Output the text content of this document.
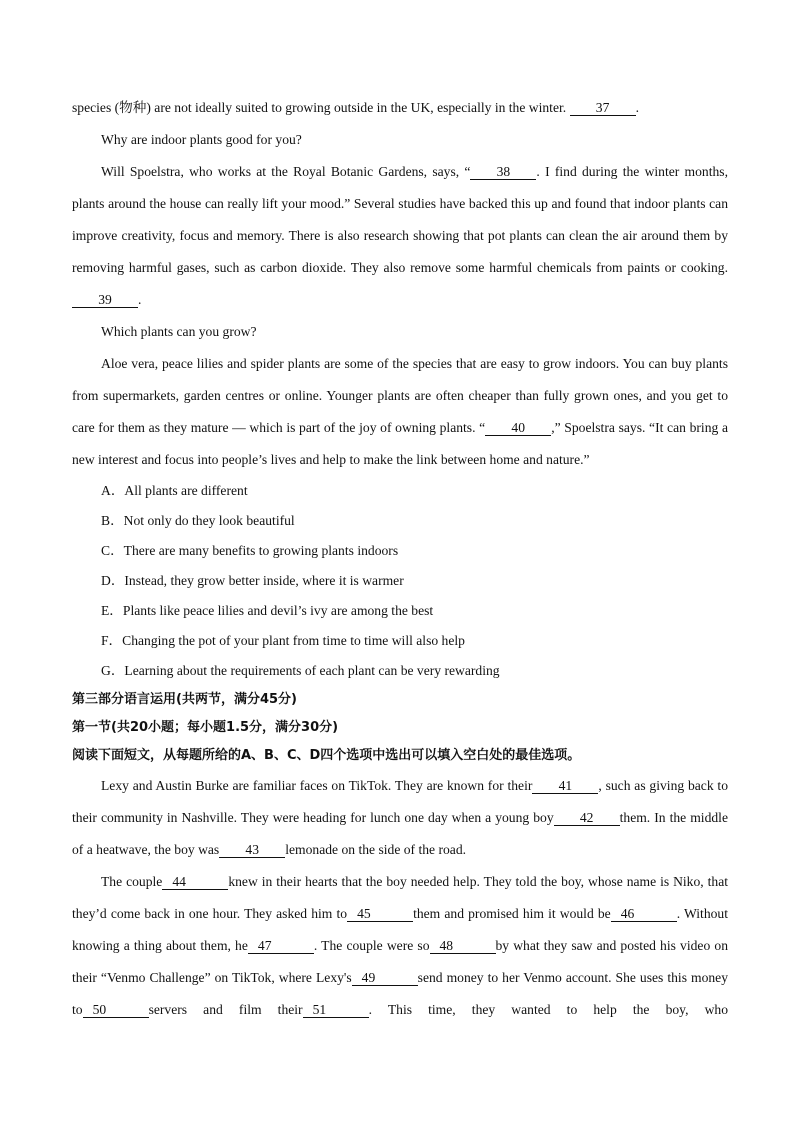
species (物种) are not ideally suited to growing outside in the UK, especially in the winter. 37 .

Why are indoor plants good for you?

Will Spoelstra, who works at the Royal Botanic Gardens, says, “ 38 . I find during the winter months, plants around the house can really lift your mood.” Several studies have backed this up and found that indoor plants can improve creativity, focus and memory. There is also research showing that pot plants can clean the air around them by removing harmful gases, such as carbon dioxide. They also remove some harmful chemicals from paints or cooking. 39 .

Which plants can you grow?

Aloe vera, peace lilies and spider plants are some of the species that are easy to grow indoors. You can buy plants from supermarkets, garden centres or online. Younger plants are often cheaper than fully grown ones, and you get to care for them as they mature — which is part of the joy of owning plants. “ 40 ,” Spoelstra says. “It can bring a new interest and focus into people’s lives and help to make the link between home and nature.”

A．All plants are different

B．Not only do they look beautiful

C．There are many benefits to growing plants indoors

D．Instead, they grow better inside, where it is warmer

E．Plants like peace lilies and devil’s ivy are among the best

F．Changing the pot of your plant from time to time will also help

G．Learning about the requirements of each plant can be very rewarding

第三部分语言运用(共两节，满分45分)

第一节(共20小题；每小题1.5分，满分30分)

阅读下面短文，从每题所给的A、B、C、D四个选项中选出可以填入空白处的最佳选项。

Lexy and Austin Burke are familiar faces on TikTok. They are known for their 41 , such as giving back to their community in Nashville. They were heading for lunch one day when a young boy 42 them. In the middle of a heatwave, the boy was 43 lemonade on the side of the road.

The couple 44	knew in their hearts that the boy needed help. They told the boy, whose name is Niko, that they’d come back in one hour. They asked him to 45	them and promised him it would be 46	. Without knowing a thing about them, he 47	. The couple were so 48	by what they saw and posted his video on their “Venmo Challenge” on TikTok, where Lexy's 49	send money to her Venmo account. She uses this money to 50	servers and film their 51	. This time, they wanted to help the boy, who
